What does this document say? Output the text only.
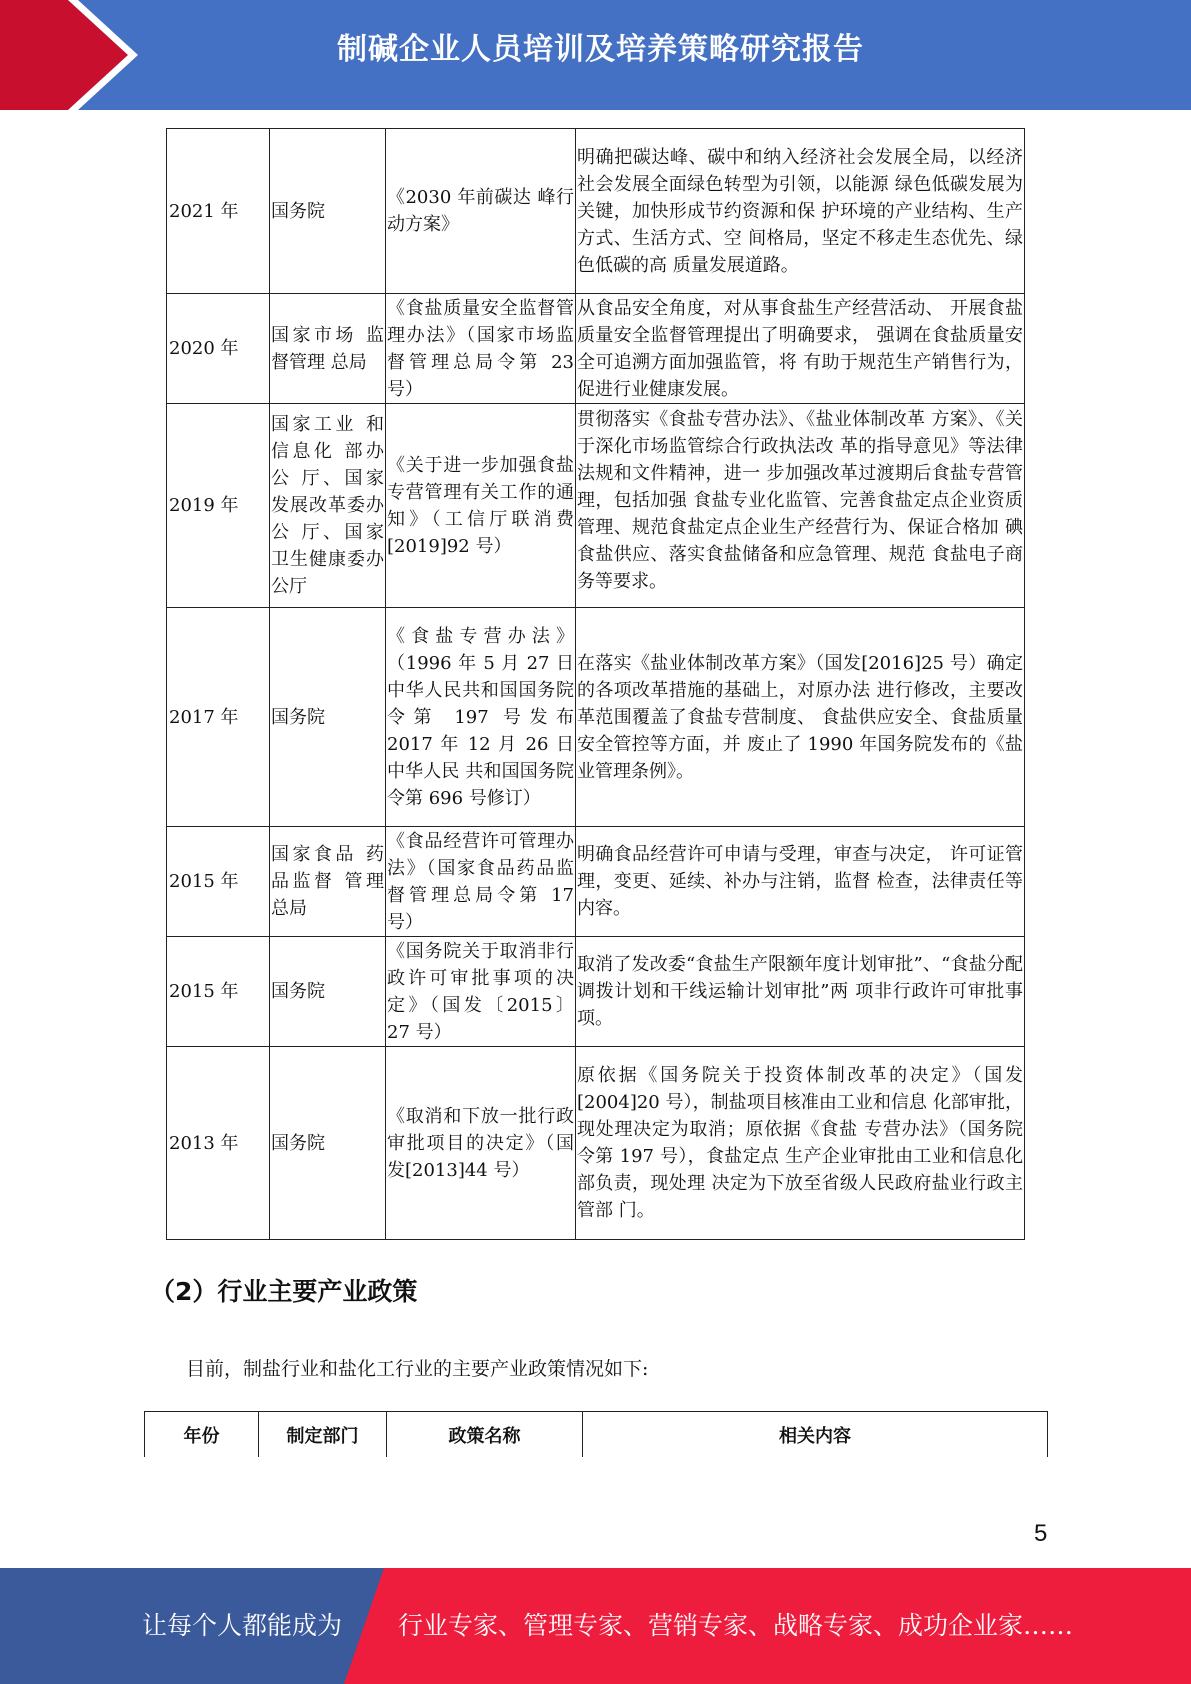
制碱企业人员培训及培养策略研究报告
2021 年	国务院	《2030 年前碳达 峰行动方案》	明确把碳达峰、碳中和纳入经济社会发展全局，以经济社会发展全面绿色转型为引领，以能源 绿色低碳发展为关键，加快形成节约资源和保 护环境的产业结构、生产方式、生活方式、空 间格局，坚定不移走生态优先、绿色低碳的高 质量发展道路。
2020 年	国家市场 监督管理 总局	《食盐质量安全监督管理办法》（国家市场监督管理总局令第 23 号）	从食品安全角度，对从事食盐生产经营活动、 开展食盐质量安全监督管理提出了明确要求， 强调在食盐质量安全可追溯方面加强监管，将 有助于规范生产销售行为，促进行业健康发展。
2019 年	国家工业 和信息化 部办公 厅、国家发展改革委办公 厅、国家 卫生健康委办公厅	《关于进一步加强食盐专营管理有关工作的通知》（工信厅联消费 [2019]92 号）	贯彻落实《食盐专营办法》、《盐业体制改革 方案》、《关于深化市场监管综合行政执法改 革的指导意见》等法律法规和文件精神，进一 步加强改革过渡期后食盐专营管理，包括加强 食盐专业化监管、完善食盐定点企业资质管理、规范食盐定点企业生产经营行为、保证合格加 碘食盐供应、落实食盐储备和应急管理、规范 食盐电子商务等要求。

2017 年	国务院	《食盐专营办法》（1996 年 5 月 27 日中华人民共和国国务院令第 197 号发布 2017 年 12 月 26 日中华人民 共和国国务院令第 696 号修订）	在落实《盐业体制改革方案》（国发[2016]25 号）确定的各项改革措施的基础上，对原办法 进行修改，主要改革范围覆盖了食盐专营制度、 食盐供应安全、食盐质量安全管控等方面，并 废止了 1990 年国务院发布的《盐业管理条例》。
2015 年	国家食品 药品监督 管理总局	《食品经营许可管理办法》（国家食品药品监督管理总局令第 17 号）	明确食品经营许可申请与受理，审查与决定， 许可证管理，变更、延续、补办与注销，监督 检查，法律责任等内容。
2015 年	国务院	《国务院关于取消非行政许可审批事项的决定》（国发〔2015〕 27 号）	取消了发改委“食盐生产限额年度计划审批”、“食盐分配调拨计划和干线运输计划审批”两 项非行政许可审批事项。
2013 年	国务院	《取消和下放一批行政审批项目的决定》（国发[2013]44 号）	原依据《国务院关于投资体制改革的决定》（国发[2004]20 号），制盐项目核准由工业和信息 化部审批，现处理决定为取消；原依据《食盐 专营办法》（国务院令第 197 号），食盐定点 生产企业审批由工业和信息化部负责，现处理 决定为下放至省级人民政府盐业行政主管部 门。
（2）行业主要产业政策
目前，制盐行业和盐化工行业的主要产业政策情况如下:
年份	制定部门	政策名称	相关内容
5
让每个人都能成为 行业专家、管理专家、营销专家、战略专家、成功企业家……
